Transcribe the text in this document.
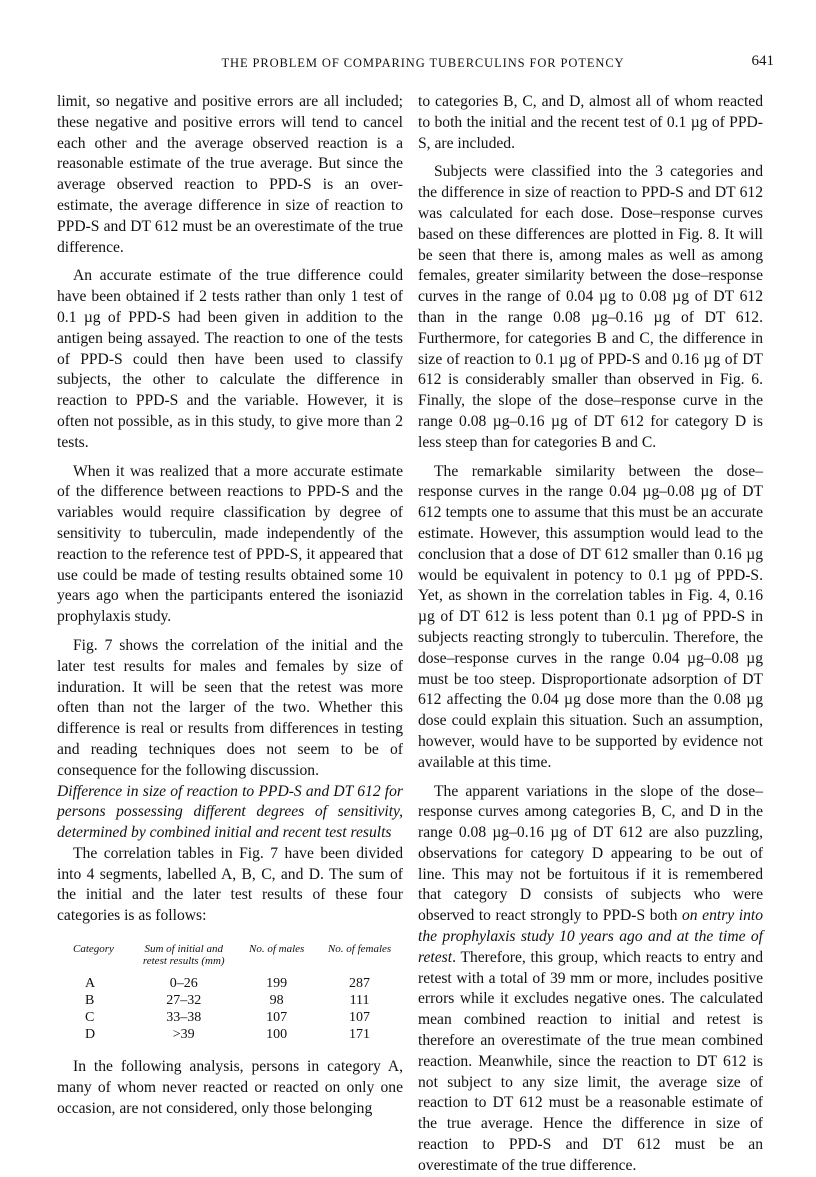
THE PROBLEM OF COMPARING TUBERCULINS FOR POTENCY	641

limit, so negative and positive errors are all included; these negative and positive errors will tend to cancel each other and the average observed reaction is a reasonable estimate of the true average. But since the average observed reaction to PPD-S is an over-estimate, the average difference in size of reaction to PPD-S and DT 612 must be an overestimate of the true difference.

An accurate estimate of the true difference could have been obtained if 2 tests rather than only 1 test of 0.1 µg of PPD-S had been given in addition to the antigen being assayed. The reaction to one of the tests of PPD-S could then have been used to classify subjects, the other to calculate the difference in reaction to PPD-S and the variable. However, it is often not possible, as in this study, to give more than 2 tests.

When it was realized that a more accurate estimate of the difference between reactions to PPD-S and the variables would require classification by degree of sensitivity to tuberculin, made independently of the reaction to the reference test of PPD-S, it appeared that use could be made of testing results obtained some 10 years ago when the participants entered the isoniazid prophylaxis study.

Fig. 7 shows the correlation of the initial and the later test results for males and females by size of induration. It will be seen that the retest was more often than not the larger of the two. Whether this difference is real or results from differences in testing and reading techniques does not seem to be of consequence for the following discussion.

Difference in size of reaction to PPD-S and DT 612 for persons possessing different degrees of sensitivity, determined by combined initial and recent test results

The correlation tables in Fig. 7 have been divided into 4 segments, labelled A, B, C, and D. The sum of the initial and the later test results of these four categories is as follows:

Category	Sum of initial and retest results (mm)	No. of males	No. of females
A	0–26	199	287
B	27–32	98	111
C	33–38	107	107
D	>39	100	171

In the following analysis, persons in category A, many of whom never reacted or reacted on only one occasion, are not considered, only those belonging

to categories B, C, and D, almost all of whom reacted to both the initial and the recent test of 0.1 µg of PPD-S, are included.

Subjects were classified into the 3 categories and the difference in size of reaction to PPD-S and DT 612 was calculated for each dose. Dose–response curves based on these differences are plotted in Fig. 8. It will be seen that there is, among males as well as among females, greater similarity between the dose–response curves in the range of 0.04 µg to 0.08 µg of DT 612 than in the range 0.08 µg–0.16 µg of DT 612. Furthermore, for categories B and C, the difference in size of reaction to 0.1 µg of PPD-S and 0.16 µg of DT 612 is considerably smaller than observed in Fig. 6. Finally, the slope of the dose–response curve in the range 0.08 µg–0.16 µg of DT 612 for category D is less steep than for categories B and C.

The remarkable similarity between the dose–response curves in the range 0.04 µg–0.08 µg of DT 612 tempts one to assume that this must be an accurate estimate. However, this assumption would lead to the conclusion that a dose of DT 612 smaller than 0.16 µg would be equivalent in potency to 0.1 µg of PPD-S. Yet, as shown in the correlation tables in Fig. 4, 0.16 µg of DT 612 is less potent than 0.1 µg of PPD-S in subjects reacting strongly to tuberculin. Therefore, the dose–response curves in the range 0.04 µg–0.08 µg must be too steep. Disproportionate adsorption of DT 612 affecting the 0.04 µg dose more than the 0.08 µg dose could explain this situation. Such an assumption, however, would have to be supported by evidence not available at this time.

The apparent variations in the slope of the dose–response curves among categories B, C, and D in the range 0.08 µg–0.16 µg of DT 612 are also puzzling, observations for category D appearing to be out of line. This may not be fortuitous if it is remembered that category D consists of subjects who were observed to react strongly to PPD-S both on entry into the prophylaxis study 10 years ago and at the time of retest. Therefore, this group, which reacts to entry and retest with a total of 39 mm or more, includes positive errors while it excludes negative ones. The calculated mean combined reaction to initial and retest is therefore an overestimate of the true mean combined reaction. Meanwhile, since the reaction to DT 612 is not subject to any size limit, the average size of reaction to DT 612 must be a reasonable estimate of the true average. Hence the difference in size of reaction to PPD-S and DT 612 must be an overestimate of the true difference.
